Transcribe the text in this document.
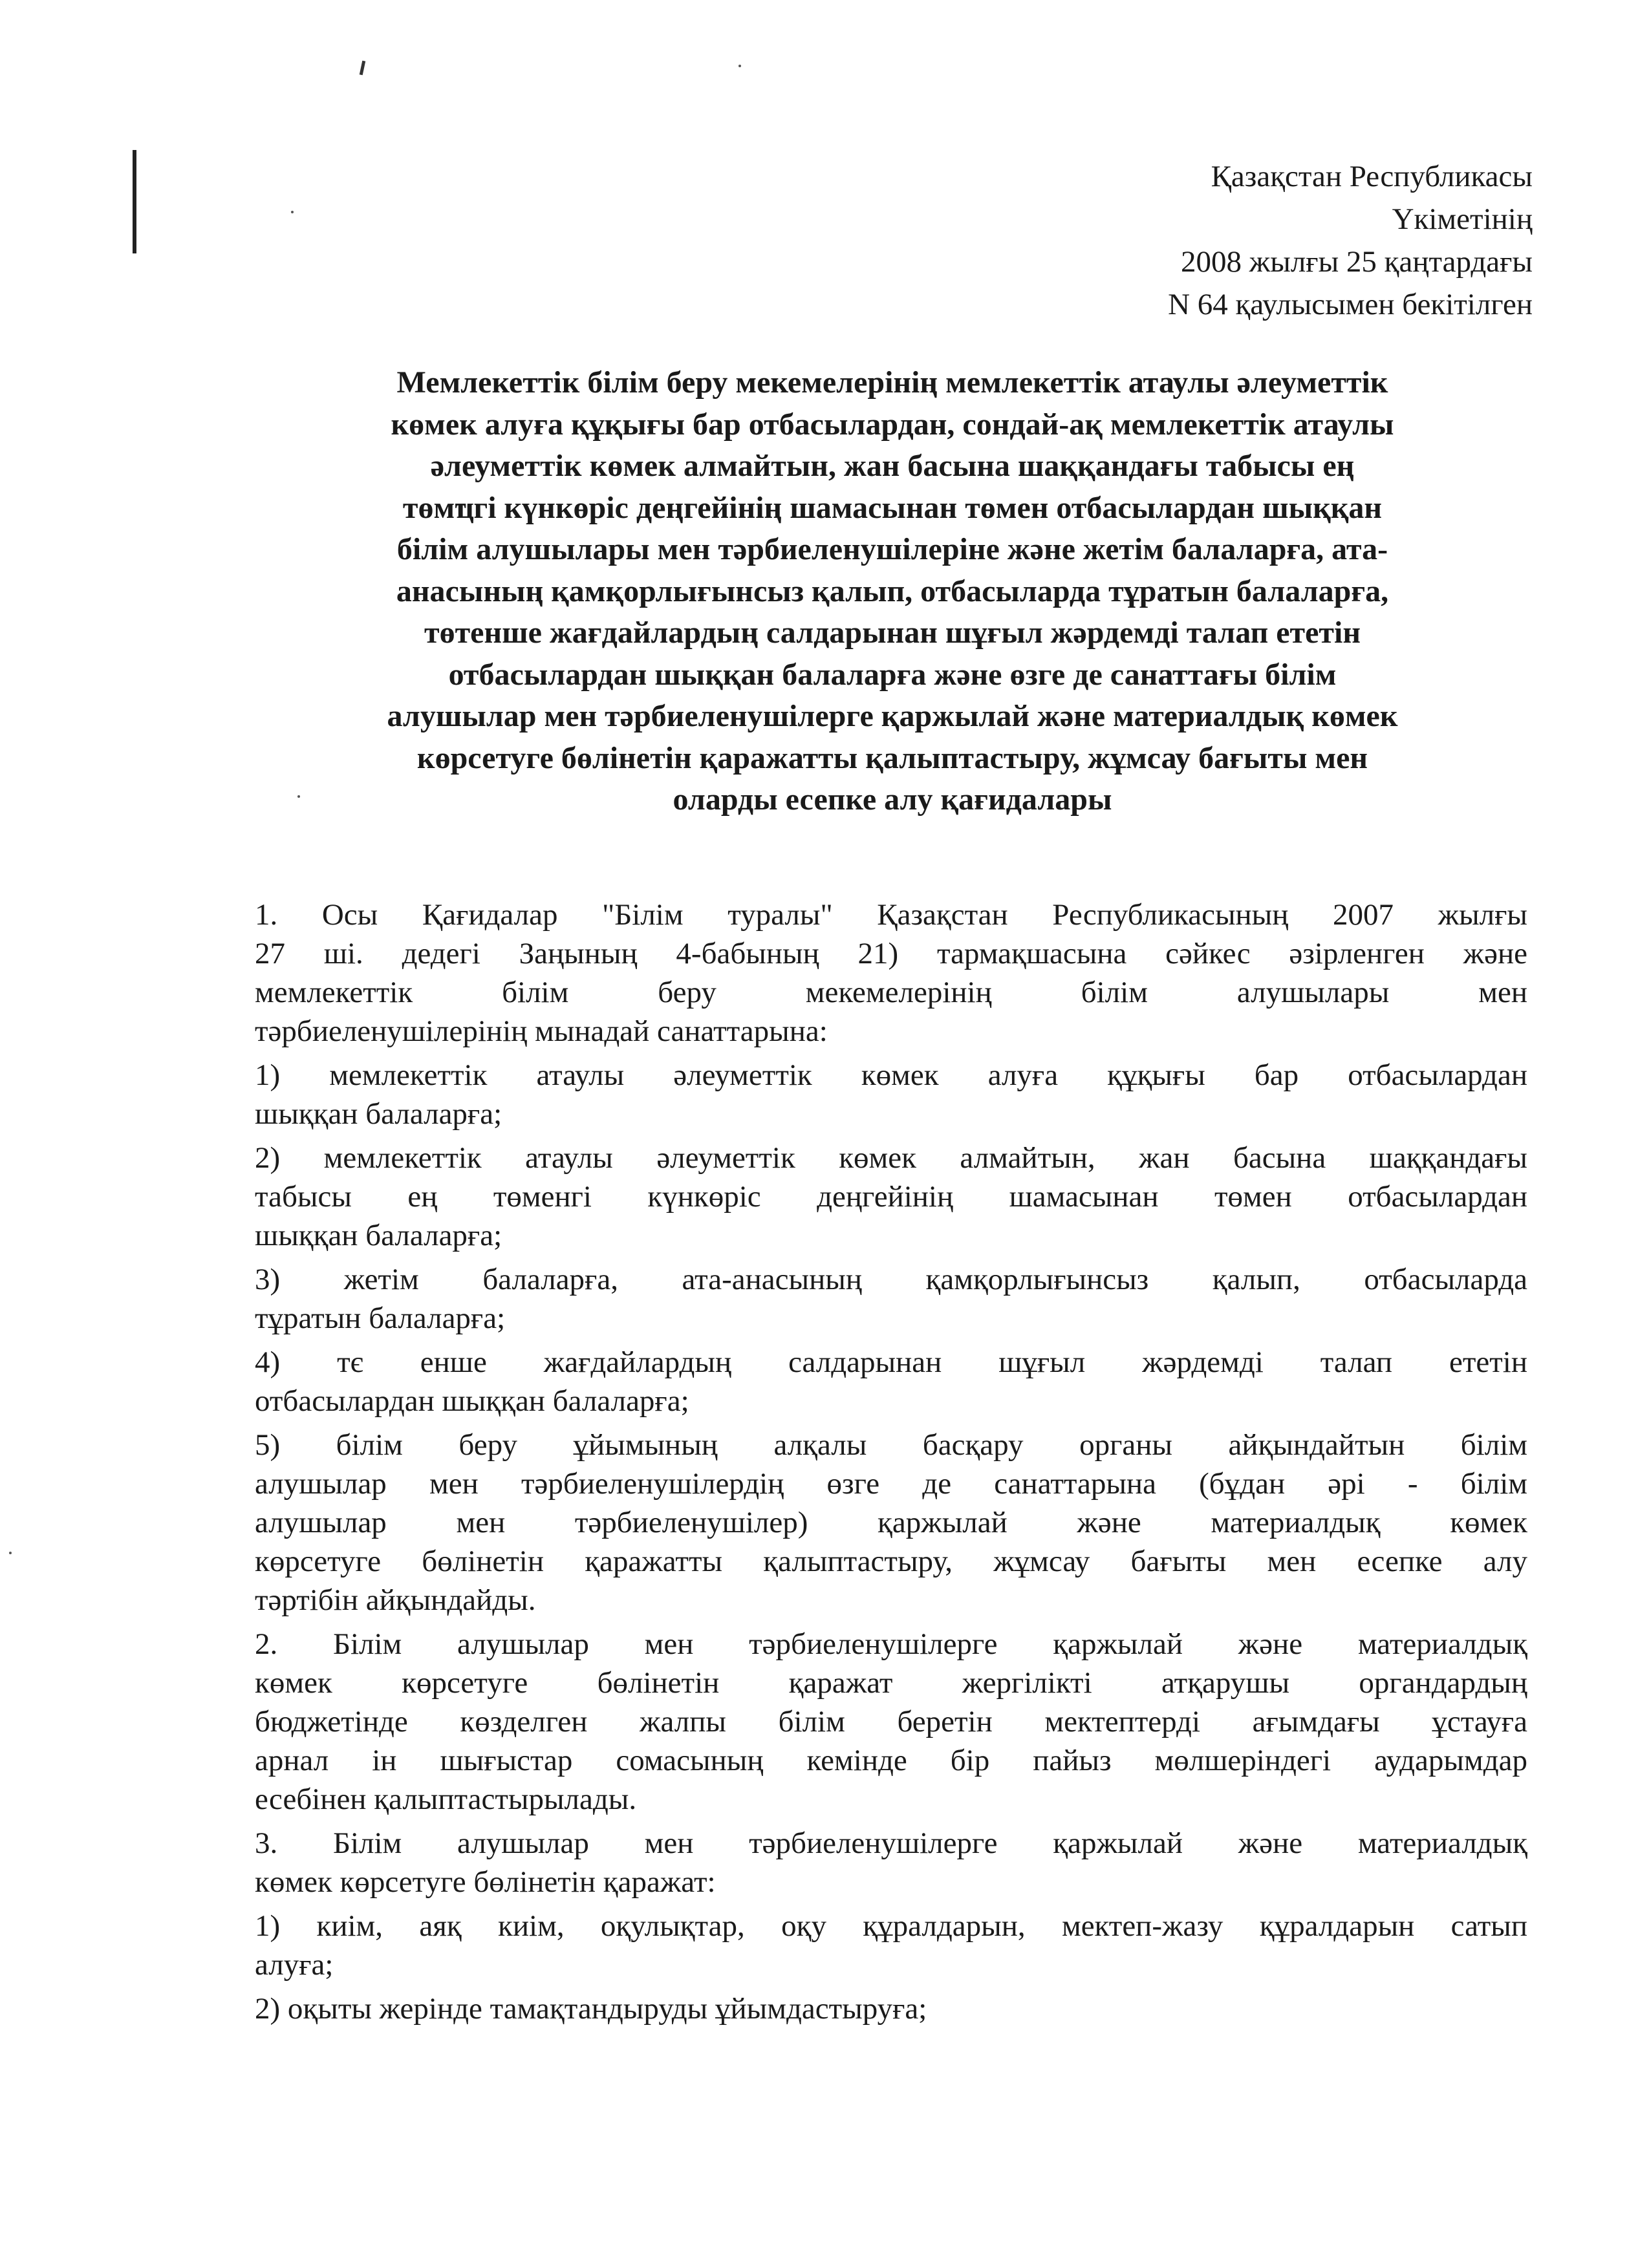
Қазақстан Республикасы
Үкіметінің
2008 жылғы 25 қаңтардағы
N 64 қаулысымен бекітілген
Мемлекеттік білім беру мекемелерінің мемлекеттік атаулы әлеуметтік
көмек алуға құқығы бар отбасылардан, сондай-ақ мемлекеттік атаулы
әлеуметтік көмек алмайтын, жан басына шаққандағы табысы ең
төмҵгі күнкөріс деңгейінің шамасынан төмен отбасылардан шыққан
білім алушылары мен тәрбиеленушілеріне және жетім балаларға, ата-
анасының қамқорлығынсыз қалып, отбасыларда тұратын балаларға,
төтенше жағдайлардың салдарынан шұғыл жәрдемді талап ететін
отбасылардан шыққан балаларға және өзге де санаттағы білім
алушылар мен тәрбиеленушілерге қаржылай және материалдық көмек
көрсетуге бөлінетін қаражатты қалыптастыру, жұмсау бағыты мен
оларды есепке алу қағидалары
1. Осы Қағидалар "Білім туралы" Қазақстан Республикасының 2007 жылғы
27 ші. дедегі Заңының 4-бабының 21) тармақшасына сәйкес әзірленген және
мемлекеттік білім беру мекемелерінің білім алушылары мен
тәрбиеленушілерінің мынадай санаттарына:
1) мемлекеттік атаулы әлеуметтік көмек алуға құқығы бар отбасылардан
шыққан балаларға;
2) мемлекеттік атаулы әлеуметтік көмек алмайтын, жан басына шаққандағы
табысы ең төменгі күнкөріс деңгейінің шамасынан төмен отбасылардан
шыққан балаларға;
3) жетім балаларға, ата-анасының қамқорлығынсыз қалып, отбасыларда
тұратын балаларға;
4) тє енше жағдайлардың салдарынан шұғыл жәрдемді талап ететін
отбасылардан шыққан балаларға;
5) білім беру ұйымының алқалы басқару органы айқындайтын білім
алушылар мен тәрбиеленушілердің өзге де санаттарына (бұдан әрі - білім
алушылар мен тәрбиеленушілер) қаржылай және материалдық көмек
көрсетуге бөлінетін қаражатты қалыптастыру, жұмсау бағыты мен есепке алу
тәртібін айқындайды.
2. Білім алушылар мен тәрбиеленушілерге қаржылай және материалдық
көмек көрсетуге бөлінетін қаражат жергілікті атқарушы органдардың
бюджетінде көзделген жалпы білім беретін мектептерді ағымдағы ұстауға
арнал ін шығыстар сомасының кемінде бір пайыз мөлшеріндегі аударымдар
есебінен қалыптастырылады.
3. Білім алушылар мен тәрбиеленушілерге қаржылай және материалдық
көмек көрсетуге бөлінетін қаражат:
1) киім, аяқ киім, оқулықтар, оқу құралдарын, мектеп-жазу құралдарын сатып
алуға;
2) оқыты жерінде тамақтандыруды ұйымдастыруға;
